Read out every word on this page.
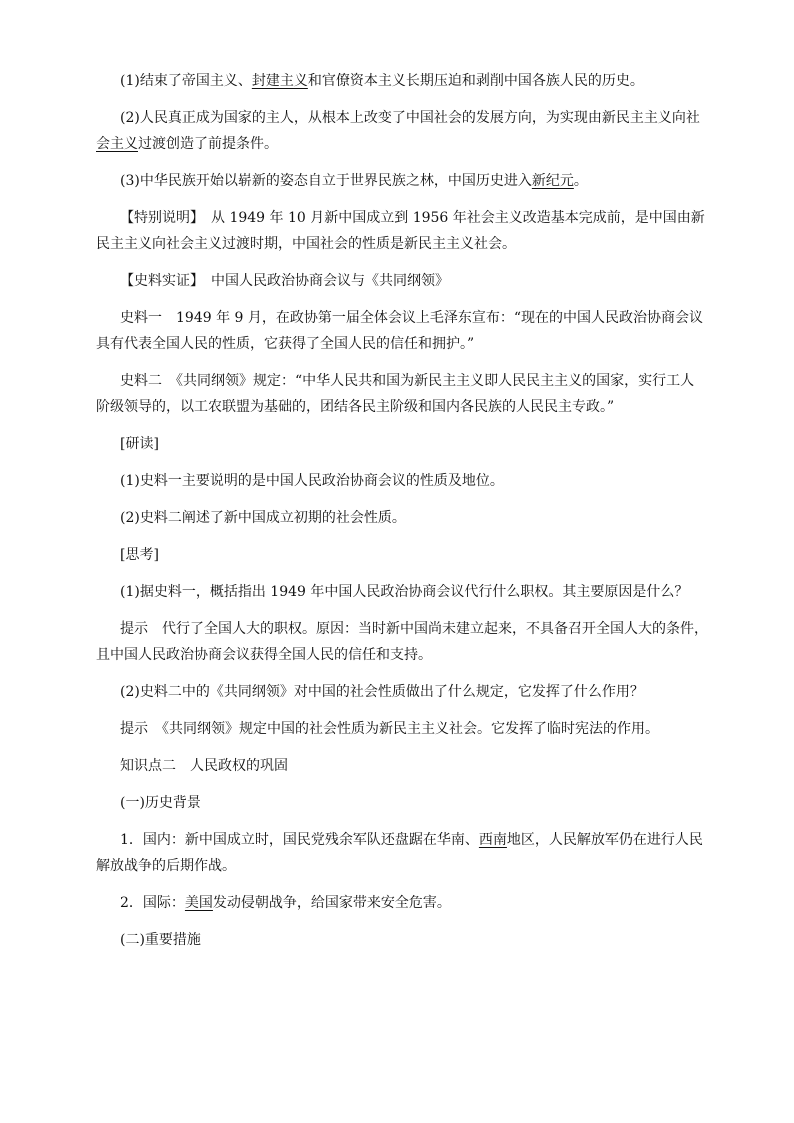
(1)结束了帝国主义、封建主义和官僚资本主义长期压迫和剥削中国各族人民的历史。
(2)人民真正成为国家的主人，从根本上改变了中国社会的发展方向，为实现由新民主主义向社
会主义过渡创造了前提条件。
(3)中华民族开始以崭新的姿态自立于世界民族之林，中国历史进入新纪元。
【特别说明】　从 1949 年 10 月新中国成立到 1956 年社会主义改造基本完成前，是中国由新
民主主义向社会主义过渡时期，中国社会的性质是新民主主义社会。
【史料实证】　中国人民政治协商会议与《共同纲领》
史料一　1949 年 9 月，在政协第一届全体会议上毛泽东宣布：“现在的中国人民政治协商会议
具有代表全国人民的性质，它获得了全国人民的信任和拥护。”
史料二　《共同纲领》规定：“中华人民共和国为新民主主义即人民民主主义的国家，实行工人
阶级领导的，以工农联盟为基础的，团结各民主阶级和国内各民族的人民民主专政。”
[研读]
(1)史料一主要说明的是中国人民政治协商会议的性质及地位。
(2)史料二阐述了新中国成立初期的社会性质。
[思考]
(1)据史料一，概括指出 1949 年中国人民政治协商会议代行什么职权。其主要原因是什么？
提示　代行了全国人大的职权。原因：当时新中国尚未建立起来，不具备召开全国人大的条件，
且中国人民政治协商会议获得全国人民的信任和支持。
(2)史料二中的《共同纲领》对中国的社会性质做出了什么规定，它发挥了什么作用？
提示　《共同纲领》规定中国的社会性质为新民主主义社会。它发挥了临时宪法的作用。
知识点二　人民政权的巩固
(一)历史背景
1．国内：新中国成立时，国民党残余军队还盘踞在华南、西南地区，人民解放军仍在进行人民
解放战争的后期作战。
2．国际：美国发动侵朝战争，给国家带来安全危害。
(二)重要措施
